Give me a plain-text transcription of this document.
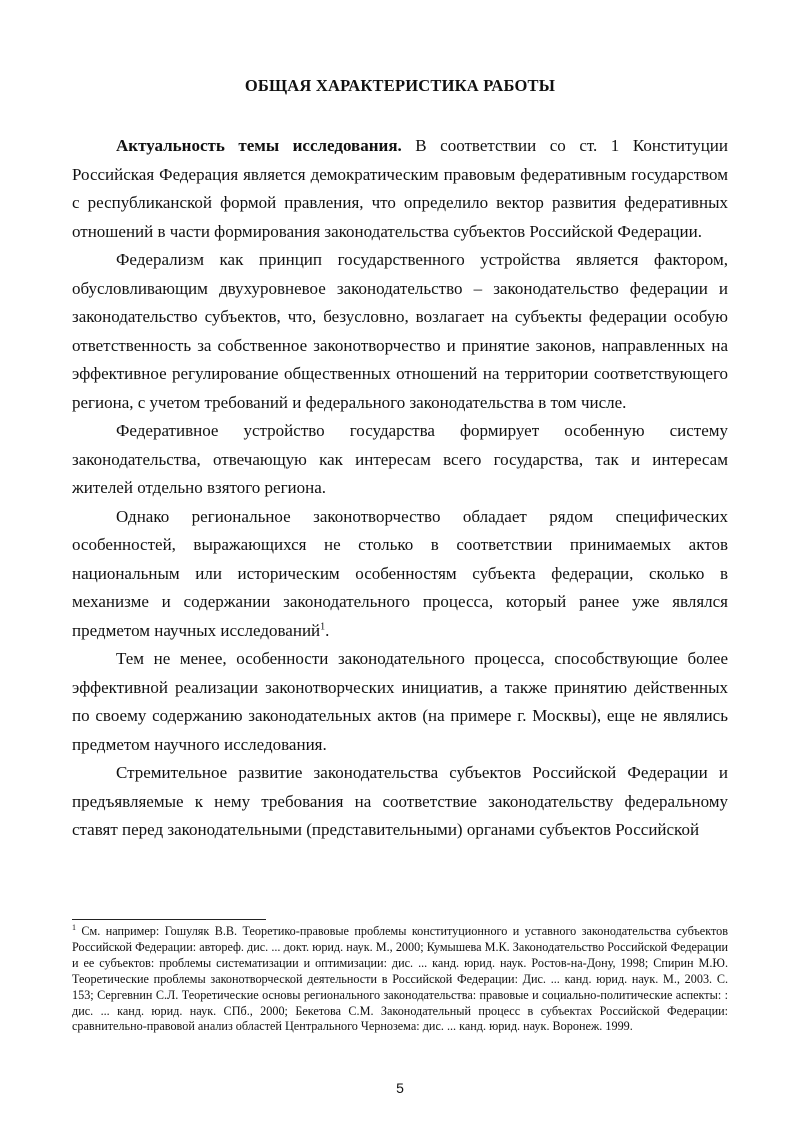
ОБЩАЯ ХАРАКТЕРИСТИКА РАБОТЫ

Актуальность темы исследования. В соответствии со ст. 1 Конституции Российская Федерация является демократическим правовым федеративным государством с республиканской формой правления, что определило вектор развития федеративных отношений в части формирования законодательства субъектов Российской Федерации.

Федерализм как принцип государственного устройства является фактором, обусловливающим двухуровневое законодательство – законодательство федерации и законодательство субъектов, что, безусловно, возлагает на субъекты федерации особую ответственность за собственное законотворчество и принятие законов, направленных на эффективное регулирование общественных отношений на территории соответствующего региона, с учетом требований и федерального законодательства в том числе.

Федеративное устройство государства формирует особенную систему законодательства, отвечающую как интересам всего государства, так и интересам жителей отдельно взятого региона.

Однако региональное законотворчество обладает рядом специфических особенностей, выражающихся не столько в соответствии принимаемых актов национальным или историческим особенностям субъекта федерации, сколько в механизме и содержании законодательного процесса, который ранее уже являлся предметом научных исследований$^1$.

Тем не менее, особенности законодательного процесса, способствующие более эффективной реализации законотворческих инициатив, а также принятию действенных по своему содержанию законодательных актов (на примере г. Москвы), еще не являлись предметом научного исследования.

Стремительное развитие законодательства субъектов Российской Федерации и предъявляемые к нему требования на соответствие законодательству федеральному ставят перед законодательными (представительными) органами субъектов Российской

$^1$ См. например: Гошуляк В.В. Теоретико-правовые проблемы конституционного и уставного законодательства субъектов Российской Федерации: автореф. дис. ... докт. юрид. наук. М., 2000; Кумышева М.К. Законодательство Российской Федерации и ее субъектов: проблемы систематизации и оптимизации: дис. ... канд. юрид. наук. Ростов-на-Дону, 1998; Спирин М.Ю. Теоретические проблемы законотворческой деятельности в Российской Федерации: Дис. ... канд. юрид. наук. М., 2003. С. 153; Сергевнин С.Л. Теоретические основы регионального законодательства: правовые и социально-политические аспекты: : дис. ... канд. юрид. наук. СПб., 2000; Бекетова С.М. Законодательный процесс в субъектах Российской Федерации: сравнительно-правовой анализ областей Центрального Черноземa: дис. ... канд. юрид. наук. Воронеж. 1999.
5
